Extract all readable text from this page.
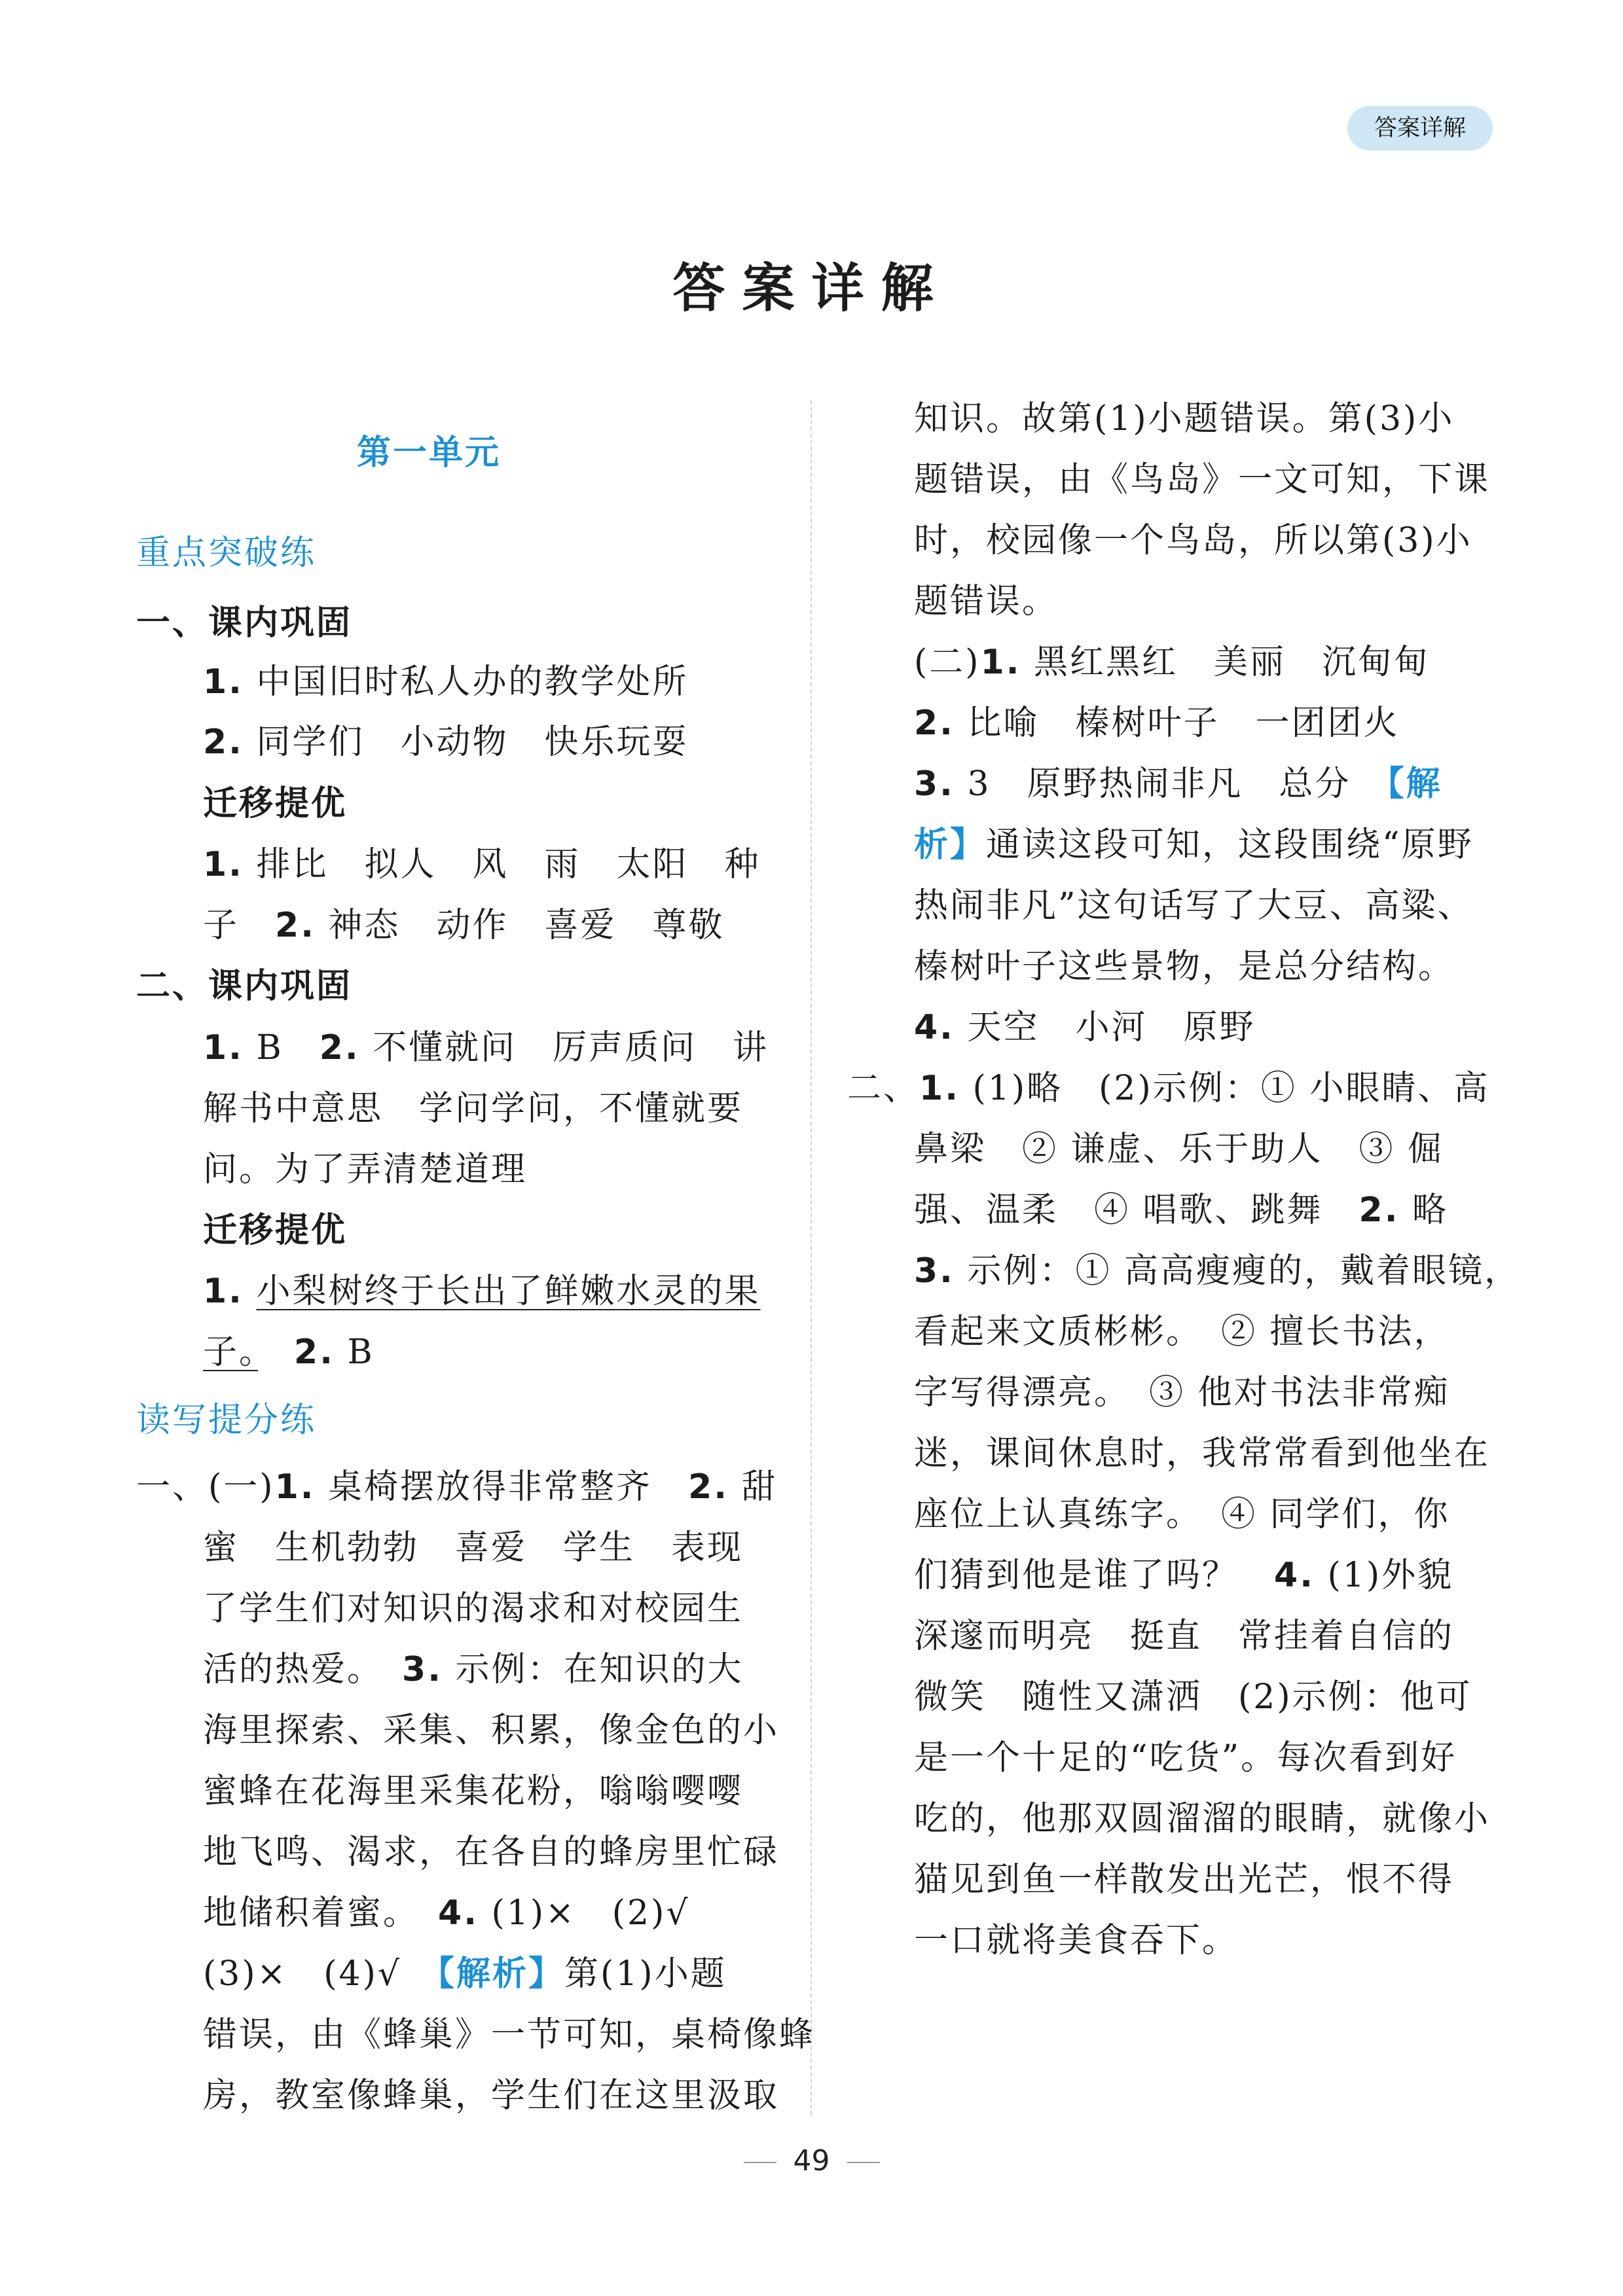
答案详解
答案详解
第一单元
重点突破练
一、课内巩固
1. 中国旧时私人办的教学处所
2. 同学们　小动物　快乐玩耍
迁移提优
1. 排比　拟人　风　雨　太阳　种
子　2. 神态　动作　喜爱　尊敬
二、课内巩固
1. B　2. 不懂就问　厉声质问　讲
解书中意思　学问学问，不懂就要
问。为了弄清楚道理
迁移提优
1. 小梨树终于长出了鲜嫩水灵的果
子。　2. B
读写提分练
一、(一)1. 桌椅摆放得非常整齐　2. 甜
蜜　生机勃勃　喜爱　学生　表现
了学生们对知识的渴求和对校园生
活的热爱。　3. 示例：在知识的大
海里探索、采集、积累，像金色的小
蜜蜂在花海里采集花粉，嗡嗡嘤嘤
地飞鸣、渴求，在各自的蜂房里忙碌
地储积着蜜。　4. (1)×　(2)√
(3)×　(4)√　【解析】第(1)小题
错误，由《蜂巢》一节可知，桌椅像蜂
房，教室像蜂巢，学生们在这里汲取
知识。故第(1)小题错误。第(3)小
题错误，由《鸟岛》一文可知，下课
时，校园像一个鸟岛，所以第(3)小
题错误。
(二)1. 黑红黑红　美丽　沉甸甸
2. 比喻　榛树叶子　一团团火
3. 3　原野热闹非凡　总分　【解
析】通读这段可知，这段围绕“原野
热闹非凡”这句话写了大豆、高粱、
榛树叶子这些景物，是总分结构。
4. 天空　小河　原野
二、1. (1)略　(2)示例：① 小眼睛、高
鼻梁　② 谦虚、乐于助人　③ 倔
强、温柔　④ 唱歌、跳舞　2. 略
3. 示例：① 高高瘦瘦的，戴着眼镜，
看起来文质彬彬。　② 擅长书法，
字写得漂亮。　③ 他对书法非常痴
迷，课间休息时，我常常看到他坐在
座位上认真练字。　④ 同学们，你
们猜到他是谁了吗？　4. (1)外貌
深邃而明亮　挺直　常挂着自信的
微笑　随性又潇洒　(2)示例：他可
是一个十足的“吃货”。每次看到好
吃的，他那双圆溜溜的眼睛，就像小
猫见到鱼一样散发出光芒，恨不得
一口就将美食吞下。
49
